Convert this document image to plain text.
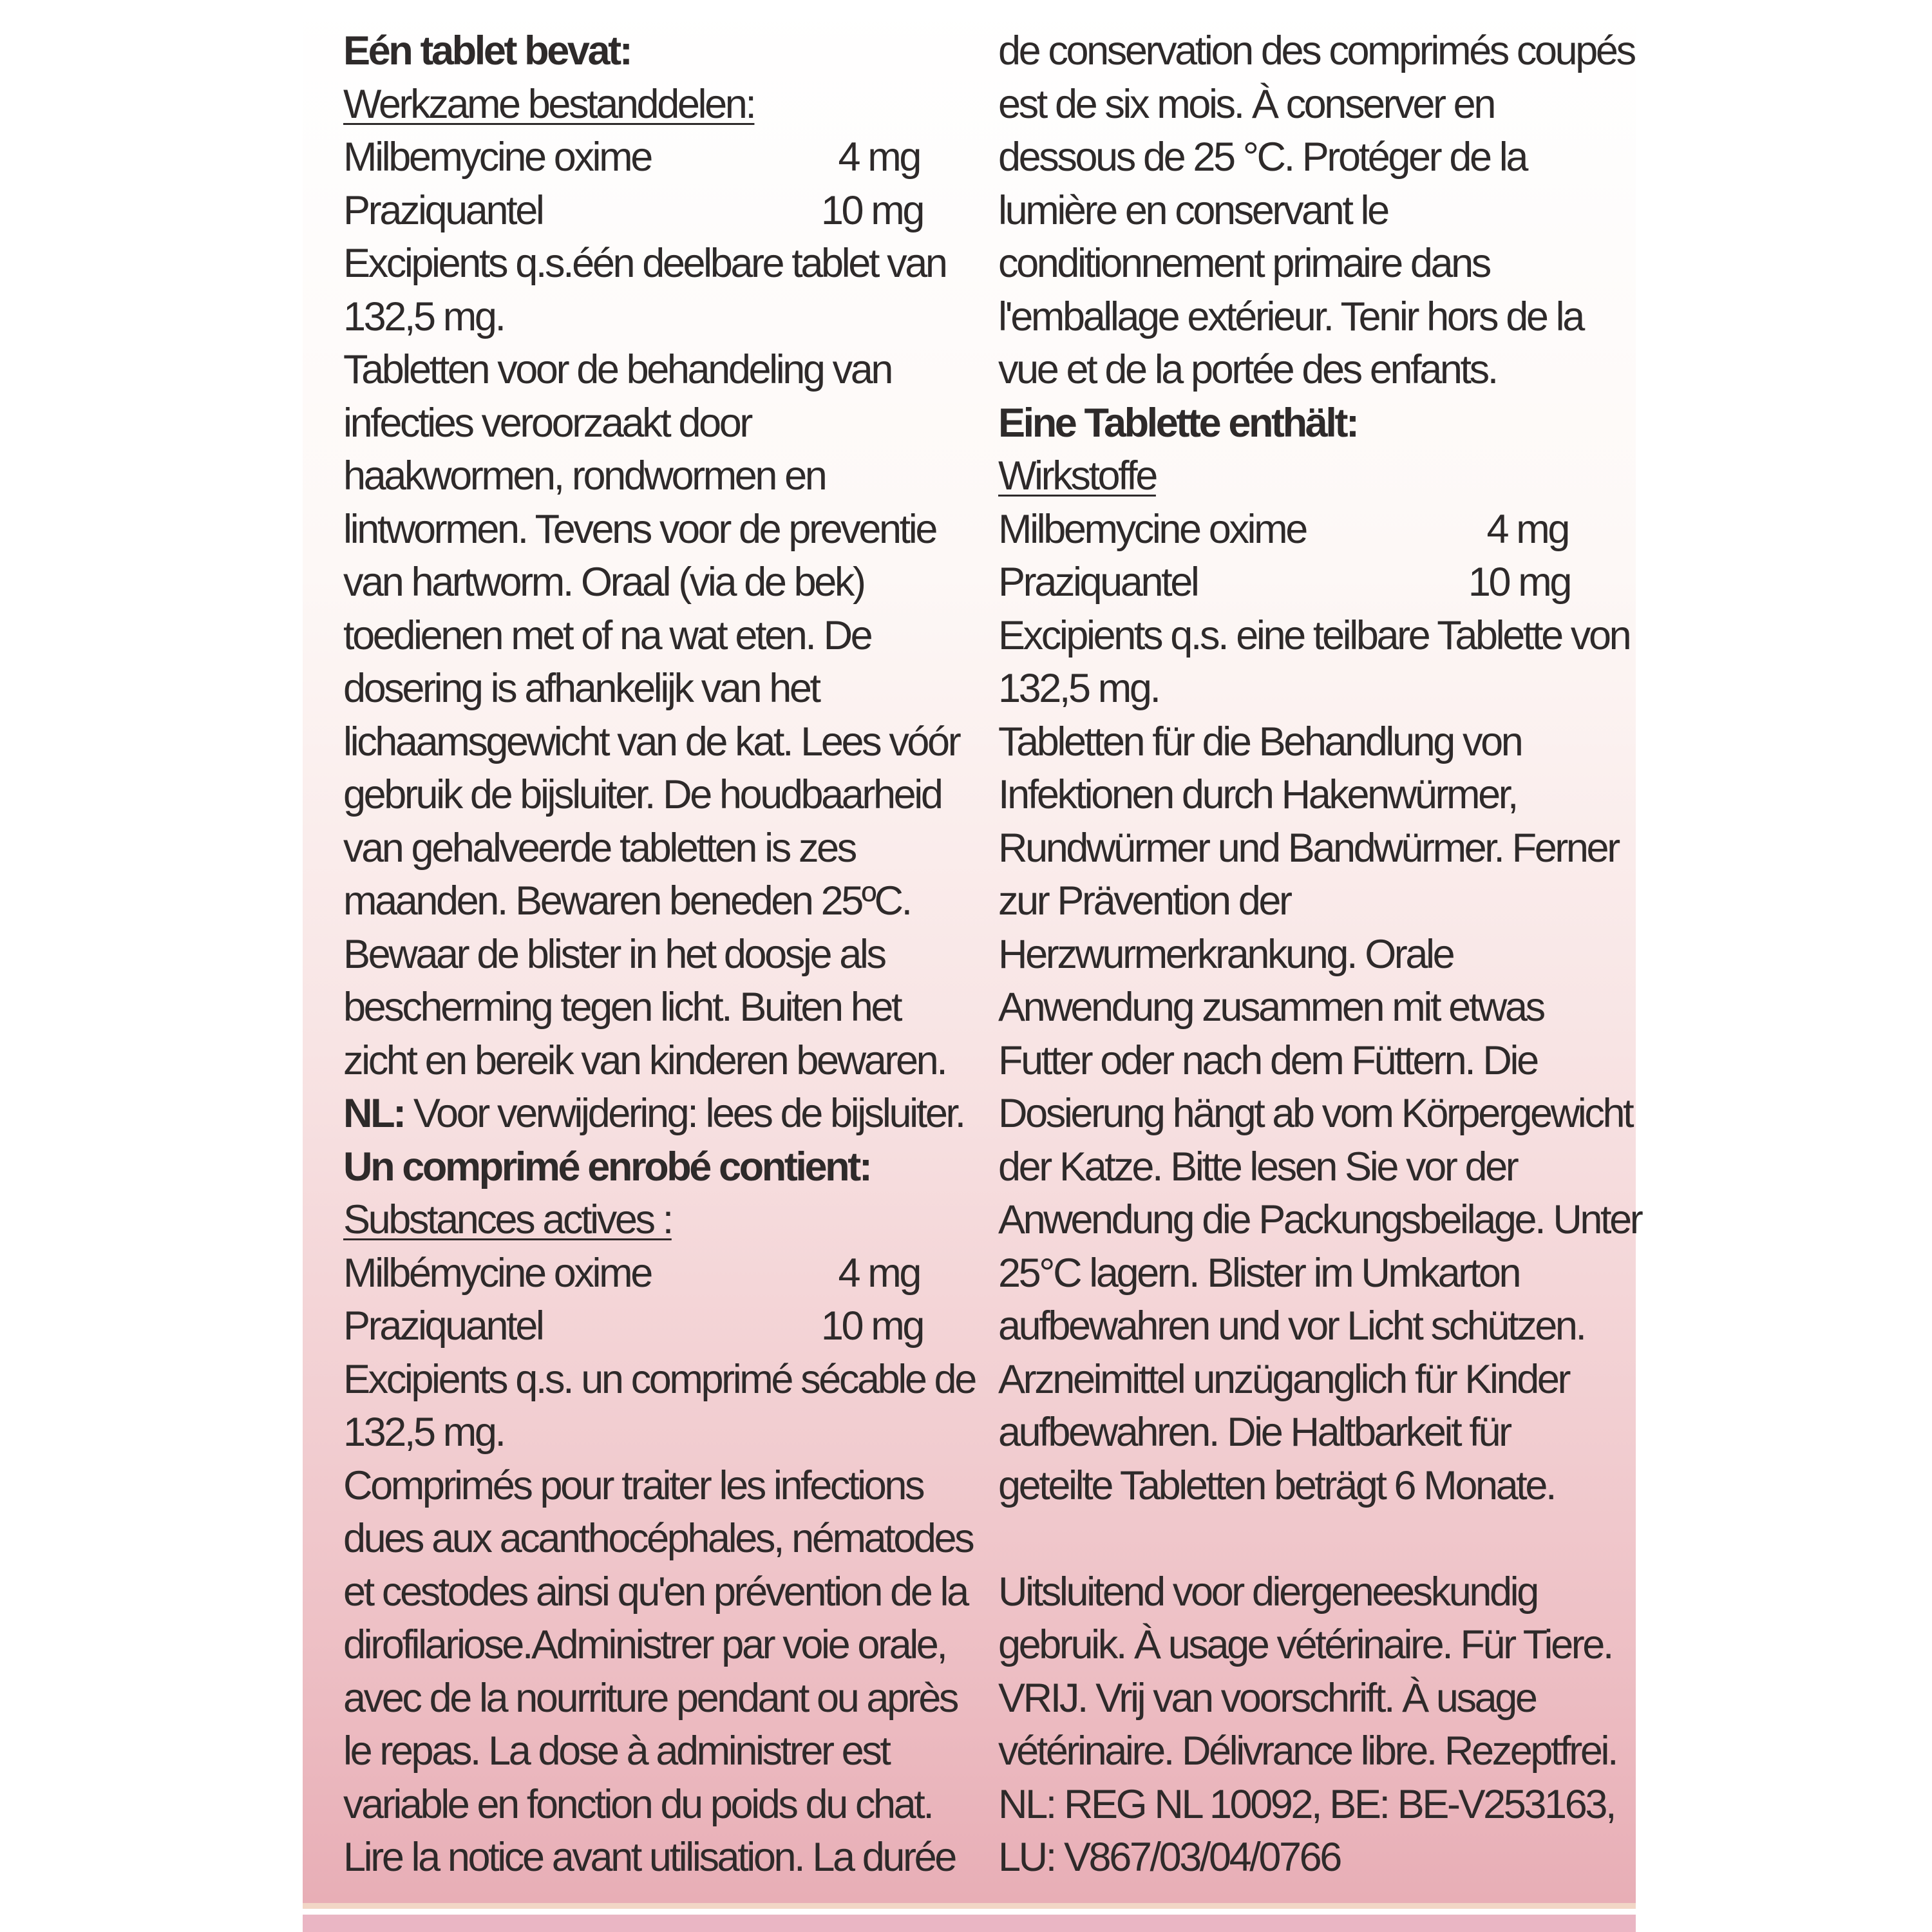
Eén tablet bevat:

Werkzame bestanddelen:

Milbemycine oxime	4 mg
Praziquantel	10 mg

Excipients q.s.één deelbare tablet van

132,5 mg.

Tabletten voor de behandeling van

infecties veroorzaakt door

haakwormen, rondwormen en

lintwormen. Tevens voor de preventie

van hartworm. Oraal (via de bek)

toedienen met of na wat eten. De

dosering is afhankelijk van het

lichaamsgewicht van de kat. Lees vóór

gebruik de bijsluiter. De houdbaarheid

van gehalveerde tabletten is zes

maanden. Bewaren beneden 25ºC.

Bewaar de blister in het doosje als

bescherming tegen licht. Buiten het

zicht en bereik van kinderen bewaren.

NL: Voor verwijdering: lees de bijsluiter.

Un comprimé enrobé contient:

Substances actives :

Milbémycine oxime	4 mg
Praziquantel	10 mg

Excipients q.s. un comprimé sécable de

132,5 mg.

Comprimés pour traiter les infections

dues aux acanthocéphales, nématodes

et cestodes ainsi qu'en prévention de la

dirofilariose.Administrer par voie orale,

avec de la nourriture pendant ou après

le repas. La dose à administrer est

variable en fonction du poids du chat.

Lire la notice avant utilisation. La durée

de conservation des comprimés coupés

est de six mois. À conserver en

dessous de 25 °C. Protéger de la

lumière en conservant le

conditionnement primaire dans

l'emballage extérieur. Tenir hors de la

vue et de la portée des enfants.

Eine Tablette enthält:

Wirkstoffe

Milbemycine oxime	4 mg
Praziquantel	10 mg

Excipients q.s. eine teilbare Tablette von

132,5 mg.

Tabletten für die Behandlung von

Infektionen durch Hakenwürmer,

Rundwürmer und Bandwürmer. Ferner

zur Prävention der

Herzwurmerkrankung. Orale

Anwendung zusammen mit etwas

Futter oder nach dem Füttern. Die

Dosierung hängt ab vom Körpergewicht

der Katze. Bitte lesen Sie vor der

Anwendung die Packungsbeilage. Unter

25°C lagern. Blister im Umkarton

aufbewahren und vor Licht schützen.

Arzneimittel unzüganglich für Kinder

aufbewahren. Die Haltbarkeit für

geteilte Tabletten beträgt 6 Monate.

Uitsluitend voor diergeneeskundig

gebruik. À usage vétérinaire. Für Tiere.

VRIJ. Vrij van voorschrift. À usage

vétérinaire. Délivrance libre. Rezeptfrei.

NL: REG NL 10092, BE: BE-V253163,

LU: V867/03/04/0766
